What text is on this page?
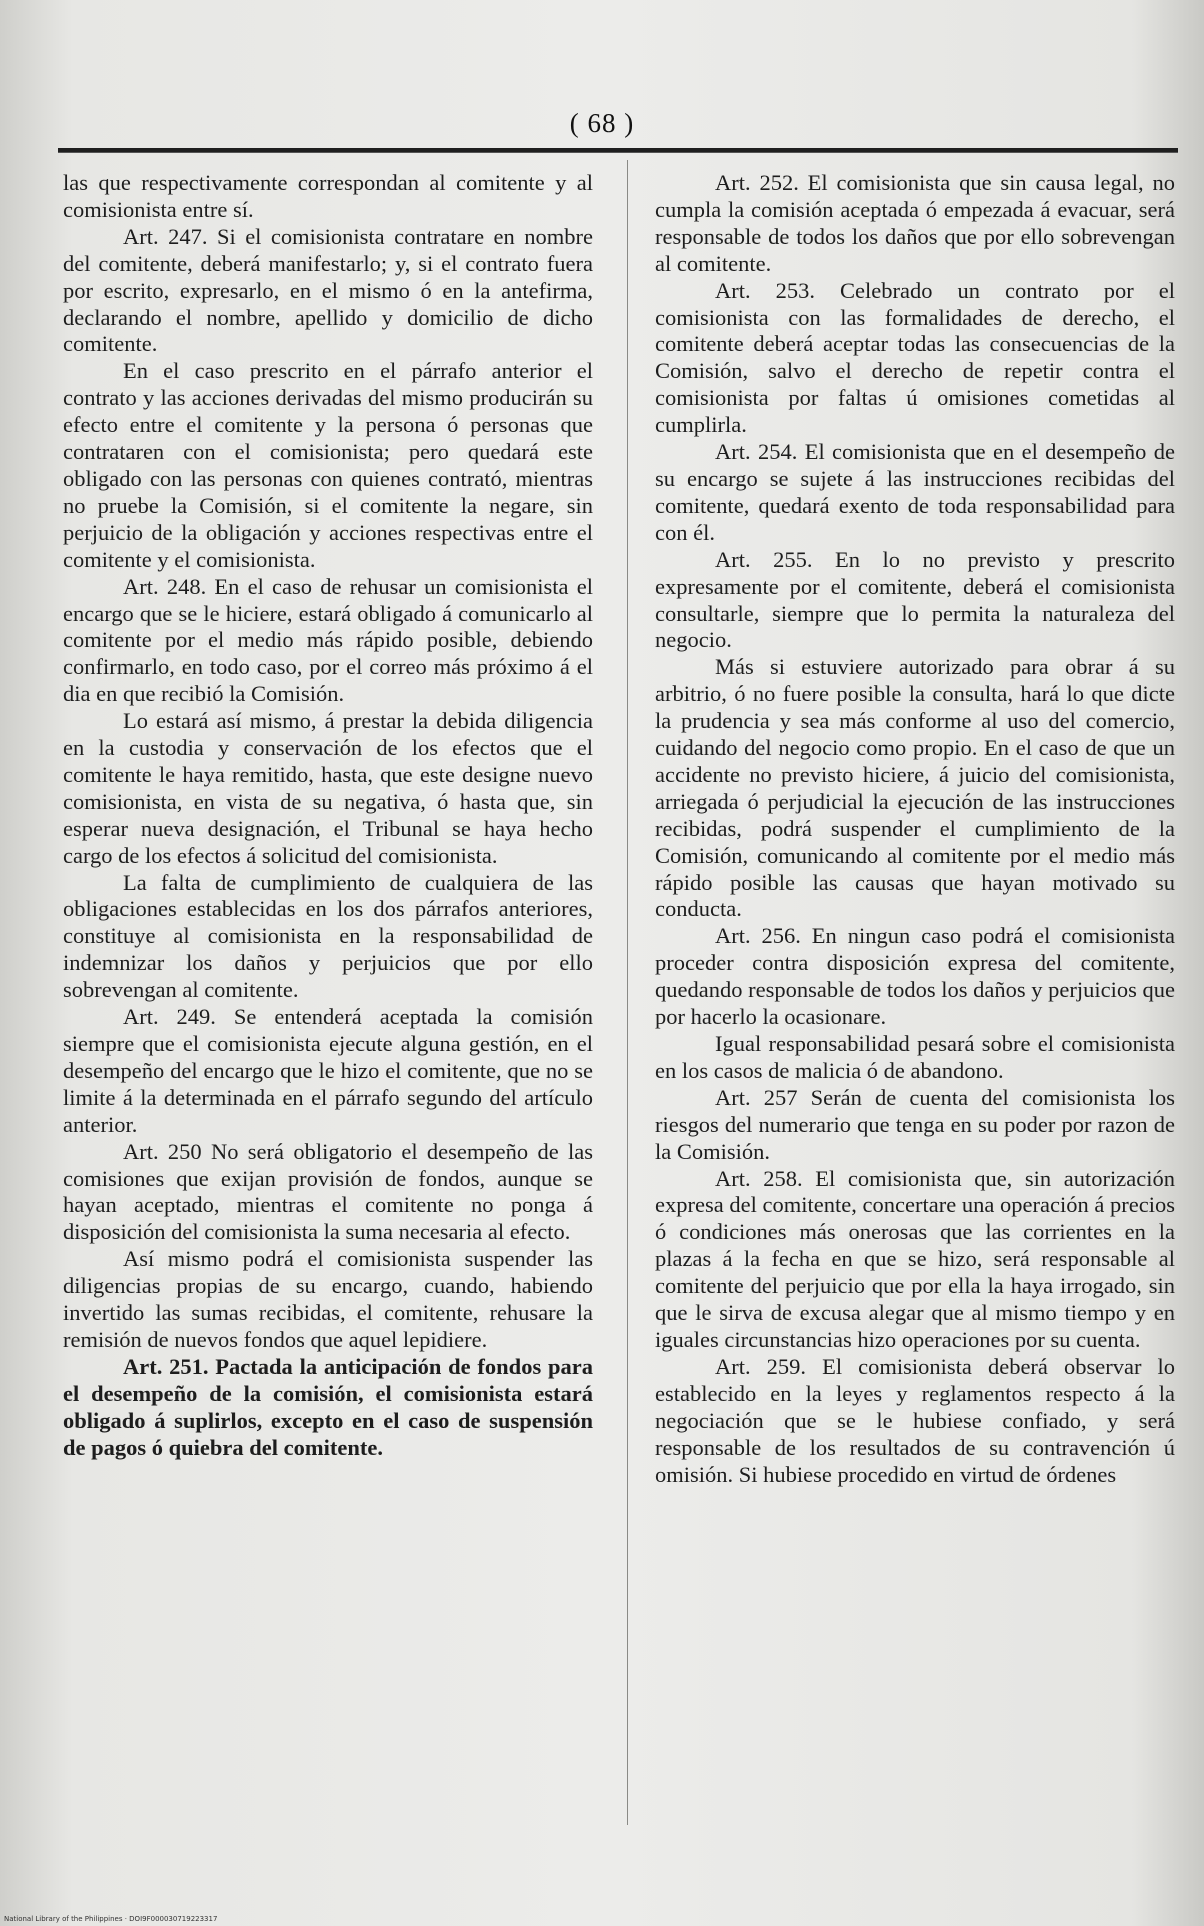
( 68 )

las que respectivamente correspondan al comitente y al comisionista entre sí.

Art. 247. Si el comisionista contratare en nombre del comitente, deberá manifestarlo; y, si el contrato fuera por escrito, expresarlo, en el mismo ó en la antefirma, declarando el nombre, apellido y domicilio de dicho comitente.

En el caso prescrito en el párrafo anterior el contrato y las acciones derivadas del mismo producirán su efecto entre el comitente y la persona ó personas que contrataren con el comisionista; pero quedará este obligado con las personas con quienes contrató, mientras no pruebe la Comisión, si el comitente la negare, sin perjuicio de la obligación y acciones respectivas entre el comitente y el comisionista.

Art. 248. En el caso de rehusar un comisionista el encargo que se le hiciere, estará obligado á comunicarlo al comitente por el medio más rápido posible, debiendo confirmarlo, en todo caso, por el correo más próximo á el dia en que recibió la Comisión.

Lo estará así mismo, á prestar la debida diligencia en la custodia y conservación de los efectos que el comitente le haya remitido, hasta, que este designe nuevo comisionista, en vista de su negativa, ó hasta que, sin esperar nueva designación, el Tribunal se haya hecho cargo de los efectos á solicitud del comisionista.

La falta de cumplimiento de cualquiera de las obligaciones establecidas en los dos párrafos anteriores, constituye al comisionista en la responsabilidad de indemnizar los daños y perjuicios que por ello sobrevengan al comitente.

Art. 249. Se entenderá aceptada la comisión siempre que el comisionista ejecute alguna gestión, en el desempeño del encargo que le hizo el comitente, que no se limite á la determinada en el párrafo segundo del artículo anterior.

Art. 250 No será obligatorio el desempeño de las comisiones que exijan provisión de fondos, aunque se hayan aceptado, mientras el comitente no ponga á disposición del comisionista la suma necesaria al efecto.

Así mismo podrá el comisionista suspender las diligencias propias de su encargo, cuando, habiendo invertido las sumas recibidas, el comitente, rehusare la remisión de nuevos fondos que aquel lepidiere.

Art. 251. Pactada la anticipación de fondos para el desempeño de la comisión, el comisionista estará obligado á suplirlos, excepto en el caso de suspensión de pagos ó quiebra del comitente.

Art. 252. El comisionista que sin causa legal, no cumpla la comisión aceptada ó empezada á evacuar, será responsable de todos los daños que por ello sobrevengan al comitente.

Art. 253. Celebrado un contrato por el comisionista con las formalidades de derecho, el comitente deberá aceptar todas las consecuencias de la Comisión, salvo el derecho de repetir contra el comisionista por faltas ú omisiones cometidas al cumplirla.

Art. 254. El comisionista que en el desempeño de su encargo se sujete á las instrucciones recibidas del comitente, quedará exento de toda responsabilidad para con él.

Art. 255. En lo no previsto y prescrito expresamente por el comitente, deberá el comisionista consultarle, siempre que lo permita la naturaleza del negocio.

Más si estuviere autorizado para obrar á su arbitrio, ó no fuere posible la consulta, hará lo que dicte la prudencia y sea más conforme al uso del comercio, cuidando del negocio como propio. En el caso de que un accidente no previsto hiciere, á juicio del comisionista, arriegada ó perjudicial la ejecución de las instrucciones recibidas, podrá suspender el cumplimiento de la Comisión, comunicando al comitente por el medio más rápido posible las causas que hayan motivado su conducta.

Art. 256. En ningun caso podrá el comisionista proceder contra disposición expresa del comitente, quedando responsable de todos los daños y perjuicios que por hacerlo la ocasionare.

Igual responsabilidad pesará sobre el comisionista en los casos de malicia ó de abandono.

Art. 257 Serán de cuenta del comisionista los riesgos del numerario que tenga en su poder por razon de la Comisión.

Art. 258. El comisionista que, sin autorización expresa del comitente, concertare una operación á precios ó condiciones más onerosas que las corrientes en la plazas á la fecha en que se hizo, será responsable al comitente del perjuicio que por ella la haya irrogado, sin que le sirva de excusa alegar que al mismo tiempo y en iguales circunstancias hizo operaciones por su cuenta.

Art. 259. El comisionista deberá observar lo establecido en la leyes y reglamentos respecto á la negociación que se le hubiese confiado, y será responsable de los resultados de su contravención ú omisión. Si hubiese procedido en virtud de órdenes

National Library of the Philippines · DOI9F000030719223317
